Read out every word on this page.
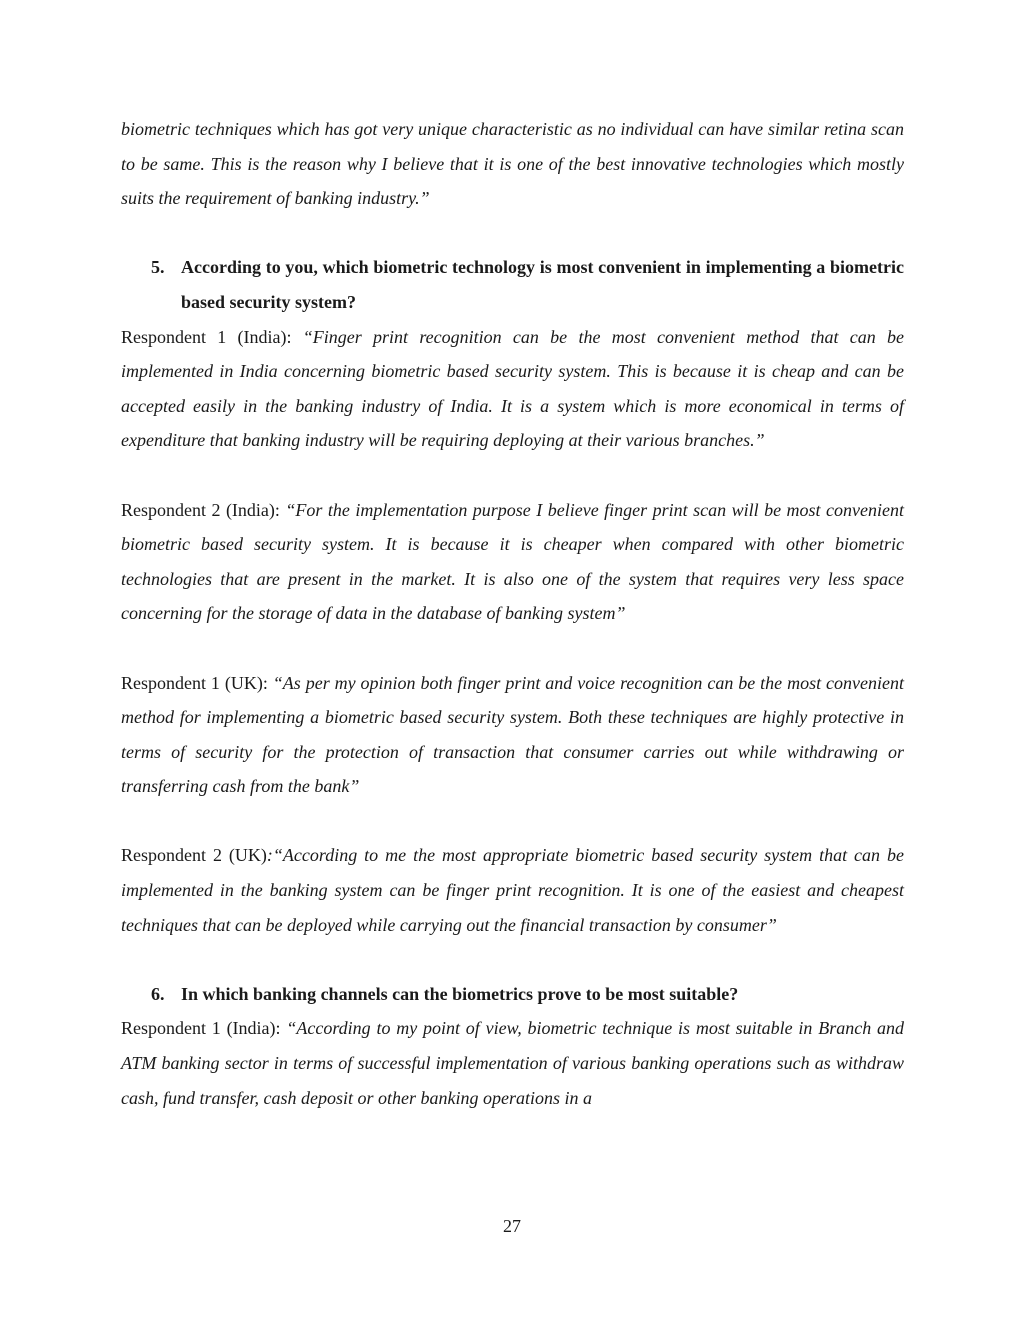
biometric techniques which has got very unique characteristic as no individual can have similar retina scan to be same. This is the reason why I believe that it is one of the best innovative technologies which mostly suits the requirement of banking industry.”

5. According to you, which biometric technology is most convenient in implementing a biometric based security system?

Respondent 1 (India): “Finger print recognition can be the most convenient method that can be implemented in India concerning biometric based security system. This is because it is cheap and can be accepted easily in the banking industry of India. It is a system which is more economical in terms of expenditure that banking industry will be requiring deploying at their various branches.”

Respondent 2 (India): “For the implementation purpose I believe finger print scan will be most convenient biometric based security system. It is because it is cheaper when compared with other biometric technologies that are present in the market. It is also one of the system that requires very less space concerning for the storage of data in the database of banking system”

Respondent 1 (UK): “As per my opinion both finger print and voice recognition can be the most convenient method for implementing a biometric based security system. Both these techniques are highly protective in terms of security for the protection of transaction that consumer carries out while withdrawing or transferring cash from the bank”

Respondent 2 (UK):“According to me the most appropriate biometric based security system that can be implemented in the banking system can be finger print recognition. It is one of the easiest and cheapest techniques that can be deployed while carrying out the financial transaction by consumer”

6. In which banking channels can the biometrics prove to be most suitable?

Respondent 1 (India): “According to my point of view, biometric technique is most suitable in Branch and ATM banking sector in terms of successful implementation of various banking operations such as withdraw cash, fund transfer, cash deposit or other banking operations in a

27
